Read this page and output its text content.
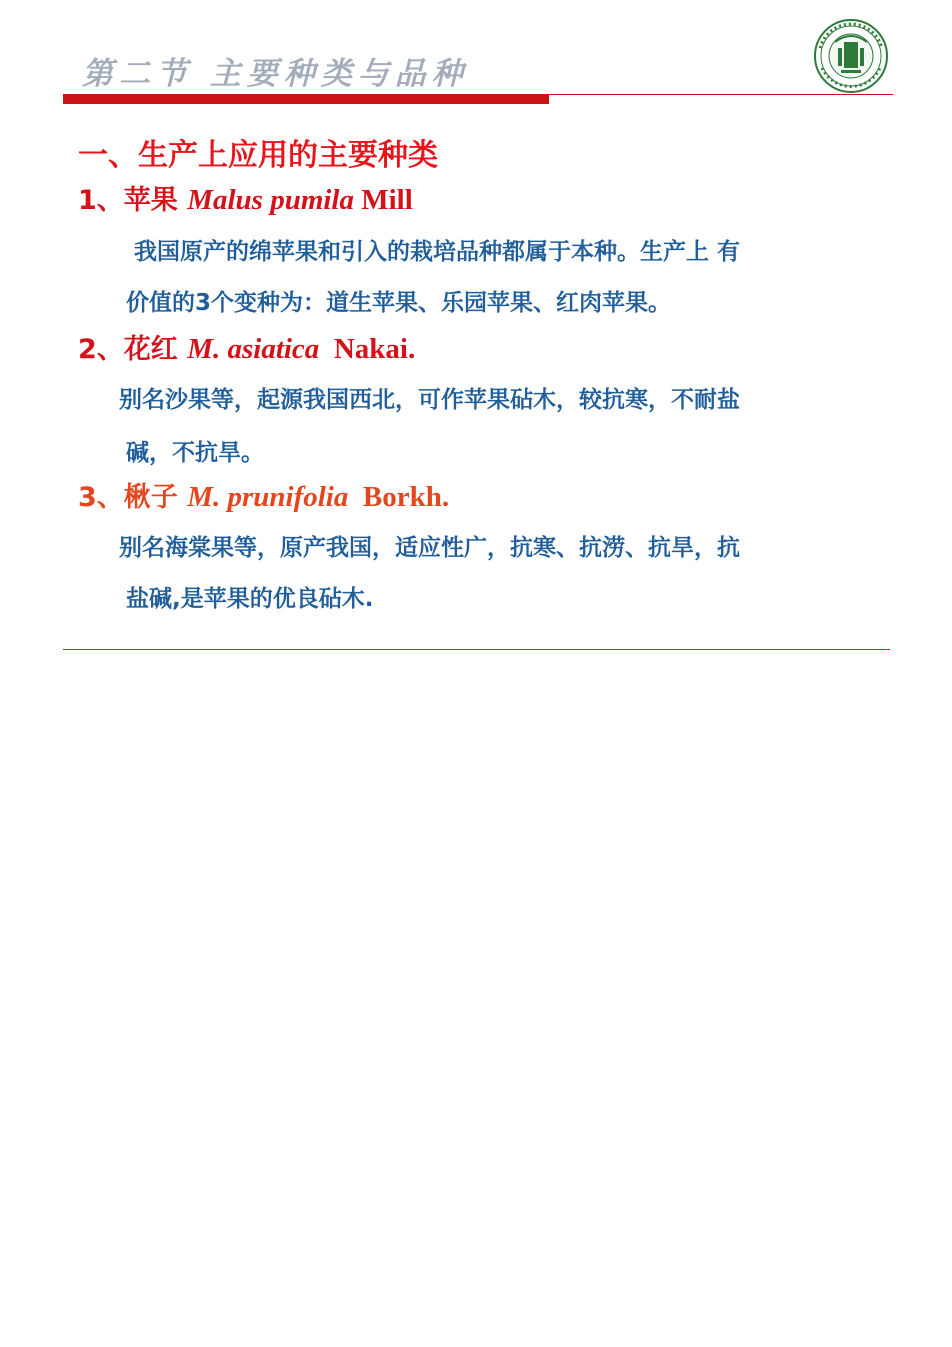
第二节 主要种类与品种
一、生产上应用的主要种类
1、苹果 Malus pumila Mill
我国原产的绵苹果和引入的栽培品种都属于本种。生产上 有
价值的3个变种为：道生苹果、乐园苹果、红肉苹果。
2、花红 M. asiatica  Nakai.
别名沙果等，起源我国西北，可作苹果砧木，较抗寒，不耐盐
碱，不抗旱。
3、楸子 M. prunifolia  Borkh.
别名海棠果等，原产我国，适应性广，抗寒、抗涝、抗旱，抗
盐碱,是苹果的优良砧木.
